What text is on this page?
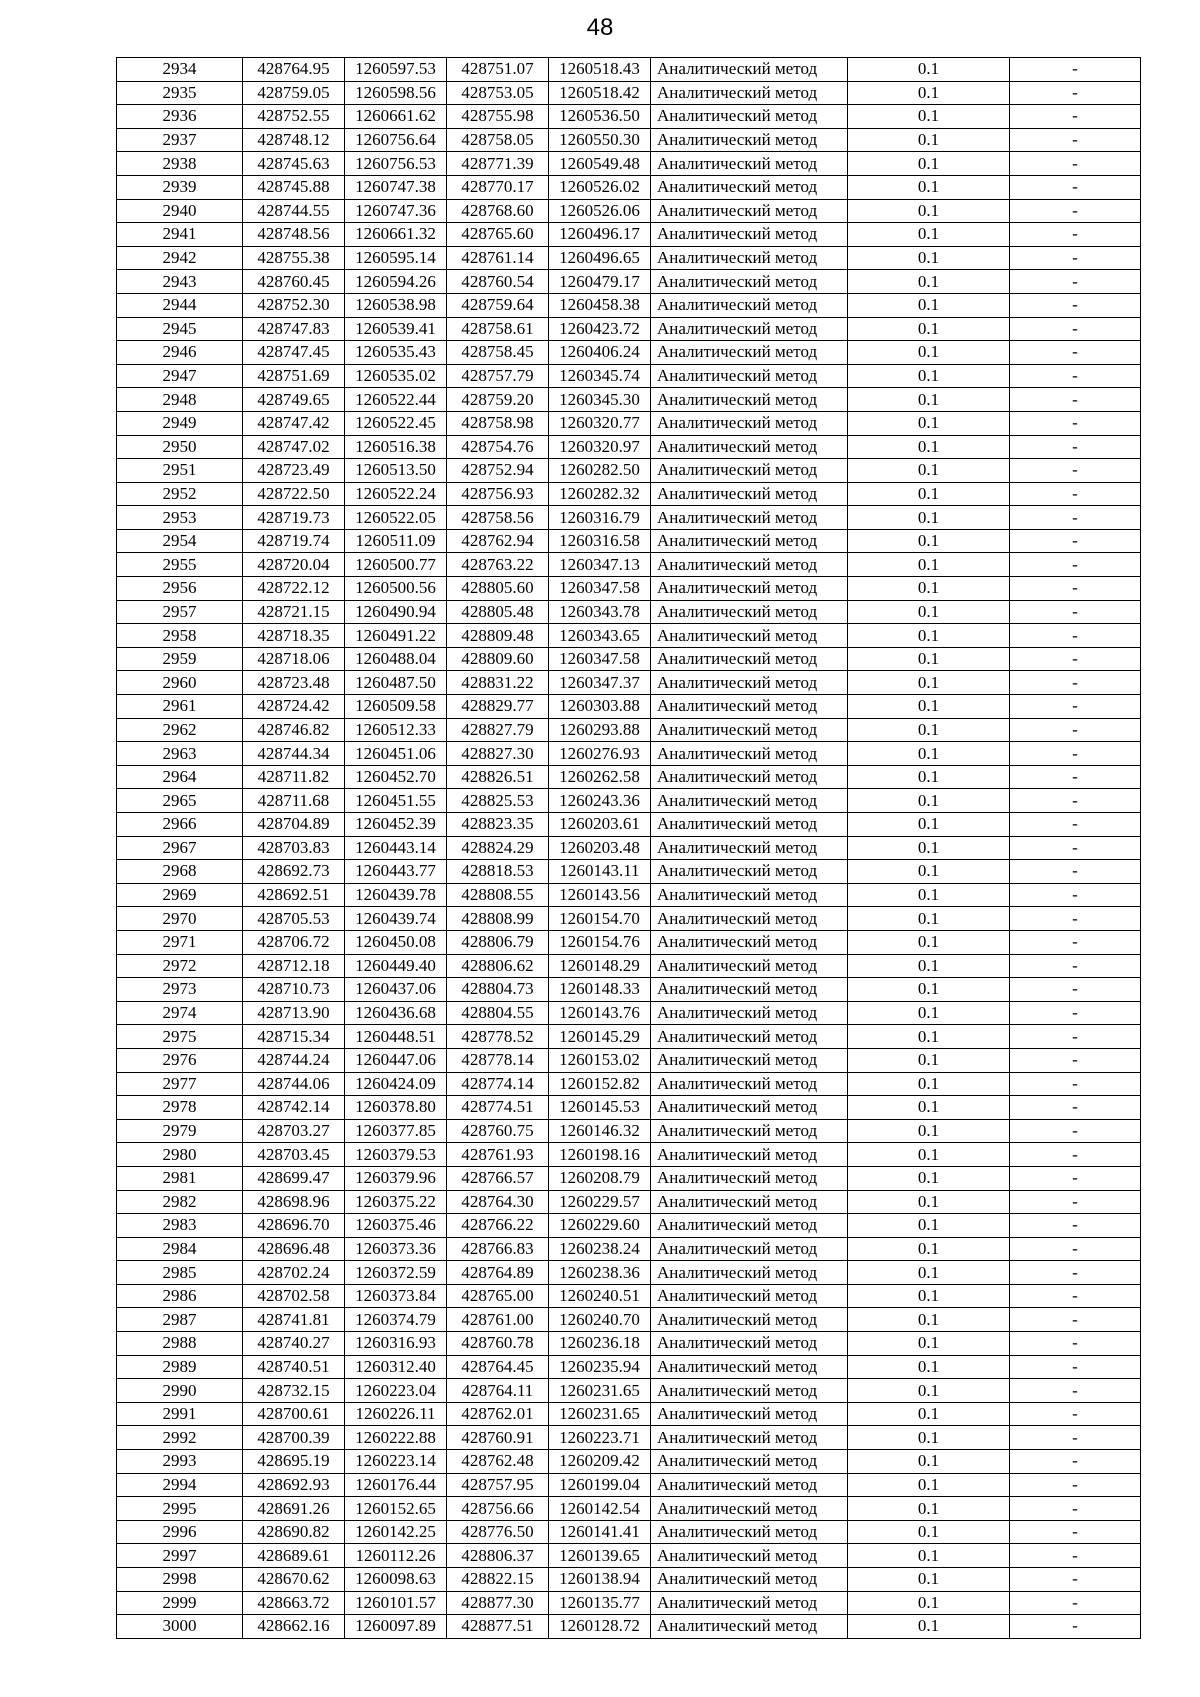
48
2934	428764.95	1260597.53	428751.07	1260518.43	Аналитический метод	0.1	-
2935	428759.05	1260598.56	428753.05	1260518.42	Аналитический метод	0.1	-
2936	428752.55	1260661.62	428755.98	1260536.50	Аналитический метод	0.1	-
2937	428748.12	1260756.64	428758.05	1260550.30	Аналитический метод	0.1	-
2938	428745.63	1260756.53	428771.39	1260549.48	Аналитический метод	0.1	-
2939	428745.88	1260747.38	428770.17	1260526.02	Аналитический метод	0.1	-
2940	428744.55	1260747.36	428768.60	1260526.06	Аналитический метод	0.1	-
2941	428748.56	1260661.32	428765.60	1260496.17	Аналитический метод	0.1	-
2942	428755.38	1260595.14	428761.14	1260496.65	Аналитический метод	0.1	-
2943	428760.45	1260594.26	428760.54	1260479.17	Аналитический метод	0.1	-
2944	428752.30	1260538.98	428759.64	1260458.38	Аналитический метод	0.1	-
2945	428747.83	1260539.41	428758.61	1260423.72	Аналитический метод	0.1	-
2946	428747.45	1260535.43	428758.45	1260406.24	Аналитический метод	0.1	-
2947	428751.69	1260535.02	428757.79	1260345.74	Аналитический метод	0.1	-
2948	428749.65	1260522.44	428759.20	1260345.30	Аналитический метод	0.1	-
2949	428747.42	1260522.45	428758.98	1260320.77	Аналитический метод	0.1	-
2950	428747.02	1260516.38	428754.76	1260320.97	Аналитический метод	0.1	-
2951	428723.49	1260513.50	428752.94	1260282.50	Аналитический метод	0.1	-
2952	428722.50	1260522.24	428756.93	1260282.32	Аналитический метод	0.1	-
2953	428719.73	1260522.05	428758.56	1260316.79	Аналитический метод	0.1	-
2954	428719.74	1260511.09	428762.94	1260316.58	Аналитический метод	0.1	-
2955	428720.04	1260500.77	428763.22	1260347.13	Аналитический метод	0.1	-
2956	428722.12	1260500.56	428805.60	1260347.58	Аналитический метод	0.1	-
2957	428721.15	1260490.94	428805.48	1260343.78	Аналитический метод	0.1	-
2958	428718.35	1260491.22	428809.48	1260343.65	Аналитический метод	0.1	-
2959	428718.06	1260488.04	428809.60	1260347.58	Аналитический метод	0.1	-
2960	428723.48	1260487.50	428831.22	1260347.37	Аналитический метод	0.1	-
2961	428724.42	1260509.58	428829.77	1260303.88	Аналитический метод	0.1	-
2962	428746.82	1260512.33	428827.79	1260293.88	Аналитический метод	0.1	-
2963	428744.34	1260451.06	428827.30	1260276.93	Аналитический метод	0.1	-
2964	428711.82	1260452.70	428826.51	1260262.58	Аналитический метод	0.1	-
2965	428711.68	1260451.55	428825.53	1260243.36	Аналитический метод	0.1	-
2966	428704.89	1260452.39	428823.35	1260203.61	Аналитический метод	0.1	-
2967	428703.83	1260443.14	428824.29	1260203.48	Аналитический метод	0.1	-
2968	428692.73	1260443.77	428818.53	1260143.11	Аналитический метод	0.1	-
2969	428692.51	1260439.78	428808.55	1260143.56	Аналитический метод	0.1	-
2970	428705.53	1260439.74	428808.99	1260154.70	Аналитический метод	0.1	-
2971	428706.72	1260450.08	428806.79	1260154.76	Аналитический метод	0.1	-
2972	428712.18	1260449.40	428806.62	1260148.29	Аналитический метод	0.1	-
2973	428710.73	1260437.06	428804.73	1260148.33	Аналитический метод	0.1	-
2974	428713.90	1260436.68	428804.55	1260143.76	Аналитический метод	0.1	-
2975	428715.34	1260448.51	428778.52	1260145.29	Аналитический метод	0.1	-
2976	428744.24	1260447.06	428778.14	1260153.02	Аналитический метод	0.1	-
2977	428744.06	1260424.09	428774.14	1260152.82	Аналитический метод	0.1	-
2978	428742.14	1260378.80	428774.51	1260145.53	Аналитический метод	0.1	-
2979	428703.27	1260377.85	428760.75	1260146.32	Аналитический метод	0.1	-
2980	428703.45	1260379.53	428761.93	1260198.16	Аналитический метод	0.1	-
2981	428699.47	1260379.96	428766.57	1260208.79	Аналитический метод	0.1	-
2982	428698.96	1260375.22	428764.30	1260229.57	Аналитический метод	0.1	-
2983	428696.70	1260375.46	428766.22	1260229.60	Аналитический метод	0.1	-
2984	428696.48	1260373.36	428766.83	1260238.24	Аналитический метод	0.1	-
2985	428702.24	1260372.59	428764.89	1260238.36	Аналитический метод	0.1	-
2986	428702.58	1260373.84	428765.00	1260240.51	Аналитический метод	0.1	-
2987	428741.81	1260374.79	428761.00	1260240.70	Аналитический метод	0.1	-
2988	428740.27	1260316.93	428760.78	1260236.18	Аналитический метод	0.1	-
2989	428740.51	1260312.40	428764.45	1260235.94	Аналитический метод	0.1	-
2990	428732.15	1260223.04	428764.11	1260231.65	Аналитический метод	0.1	-
2991	428700.61	1260226.11	428762.01	1260231.65	Аналитический метод	0.1	-
2992	428700.39	1260222.88	428760.91	1260223.71	Аналитический метод	0.1	-
2993	428695.19	1260223.14	428762.48	1260209.42	Аналитический метод	0.1	-
2994	428692.93	1260176.44	428757.95	1260199.04	Аналитический метод	0.1	-
2995	428691.26	1260152.65	428756.66	1260142.54	Аналитический метод	0.1	-
2996	428690.82	1260142.25	428776.50	1260141.41	Аналитический метод	0.1	-
2997	428689.61	1260112.26	428806.37	1260139.65	Аналитический метод	0.1	-
2998	428670.62	1260098.63	428822.15	1260138.94	Аналитический метод	0.1	-
2999	428663.72	1260101.57	428877.30	1260135.77	Аналитический метод	0.1	-
3000	428662.16	1260097.89	428877.51	1260128.72	Аналитический метод	0.1	-
